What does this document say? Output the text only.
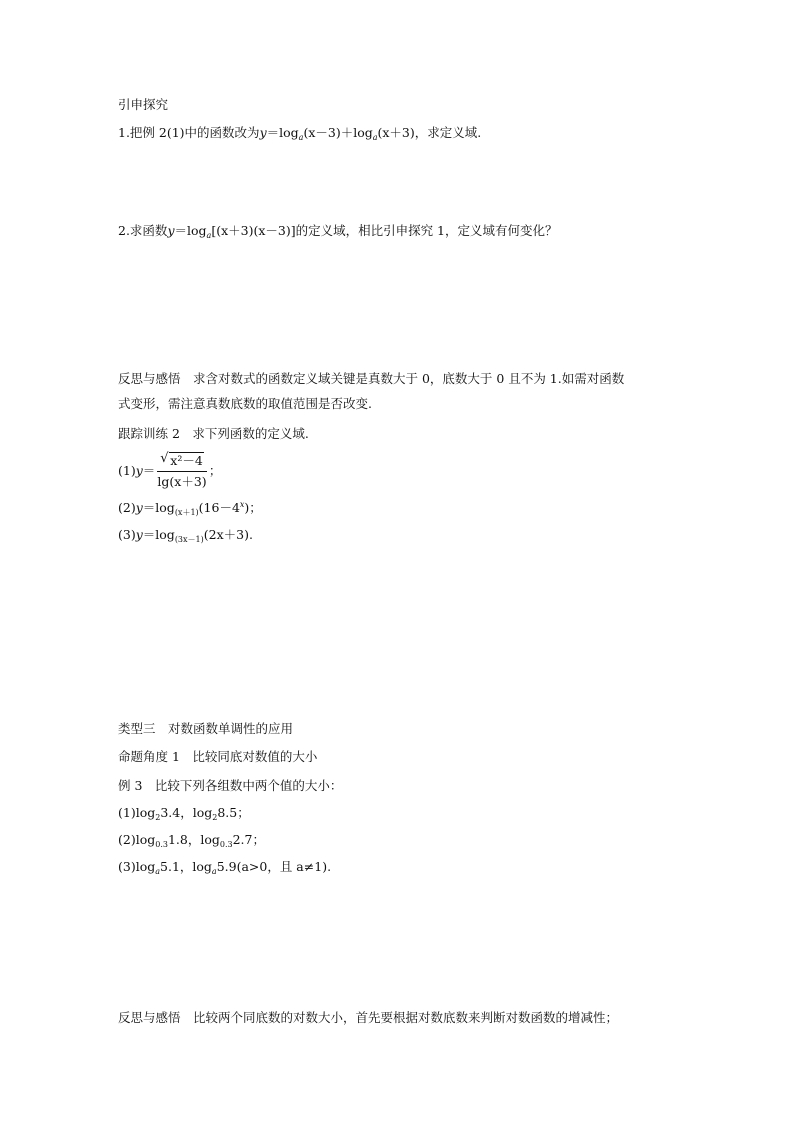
引申探究
1.把例 2(1)中的函数改为$y=\log_a(x-3)+\log_a(x+3)$，求定义域.
2.求函数$y=\log_a[(x+3)(x-3)]$的定义域，相比引申探究 1，定义域有何变化？
反思与感悟　求含对数式的函数定义域关键是真数大于 0，底数大于 0 且不为 1.如需对函数
式变形，需注意真数底数的取值范围是否改变.
跟踪训练 2　求下列函数的定义域.
$(1)y= \frac{\text{√ x²－4}}{\lg(x+3)}$ ；
$(2)y=\log_{(x+1)}(16-4^x)$；
$(3)y=\log_{(3x-1)}(2x+3)$.
类型三　对数函数单调性的应用
命题角度 1　比较同底对数值的大小
例 3　比较下列各组数中两个值的大小：
$(1)\log_23.4$，$\log_28.5$；
$(2)\log_{0.3}1.8$，$\log_{0.3}2.7$；
$(3)\log_a5.1$，$\log_a5.9(a>0$，且 a≠1).
反思与感悟　比较两个同底数的对数大小，首先要根据对数底数来判断对数函数的增减性；
